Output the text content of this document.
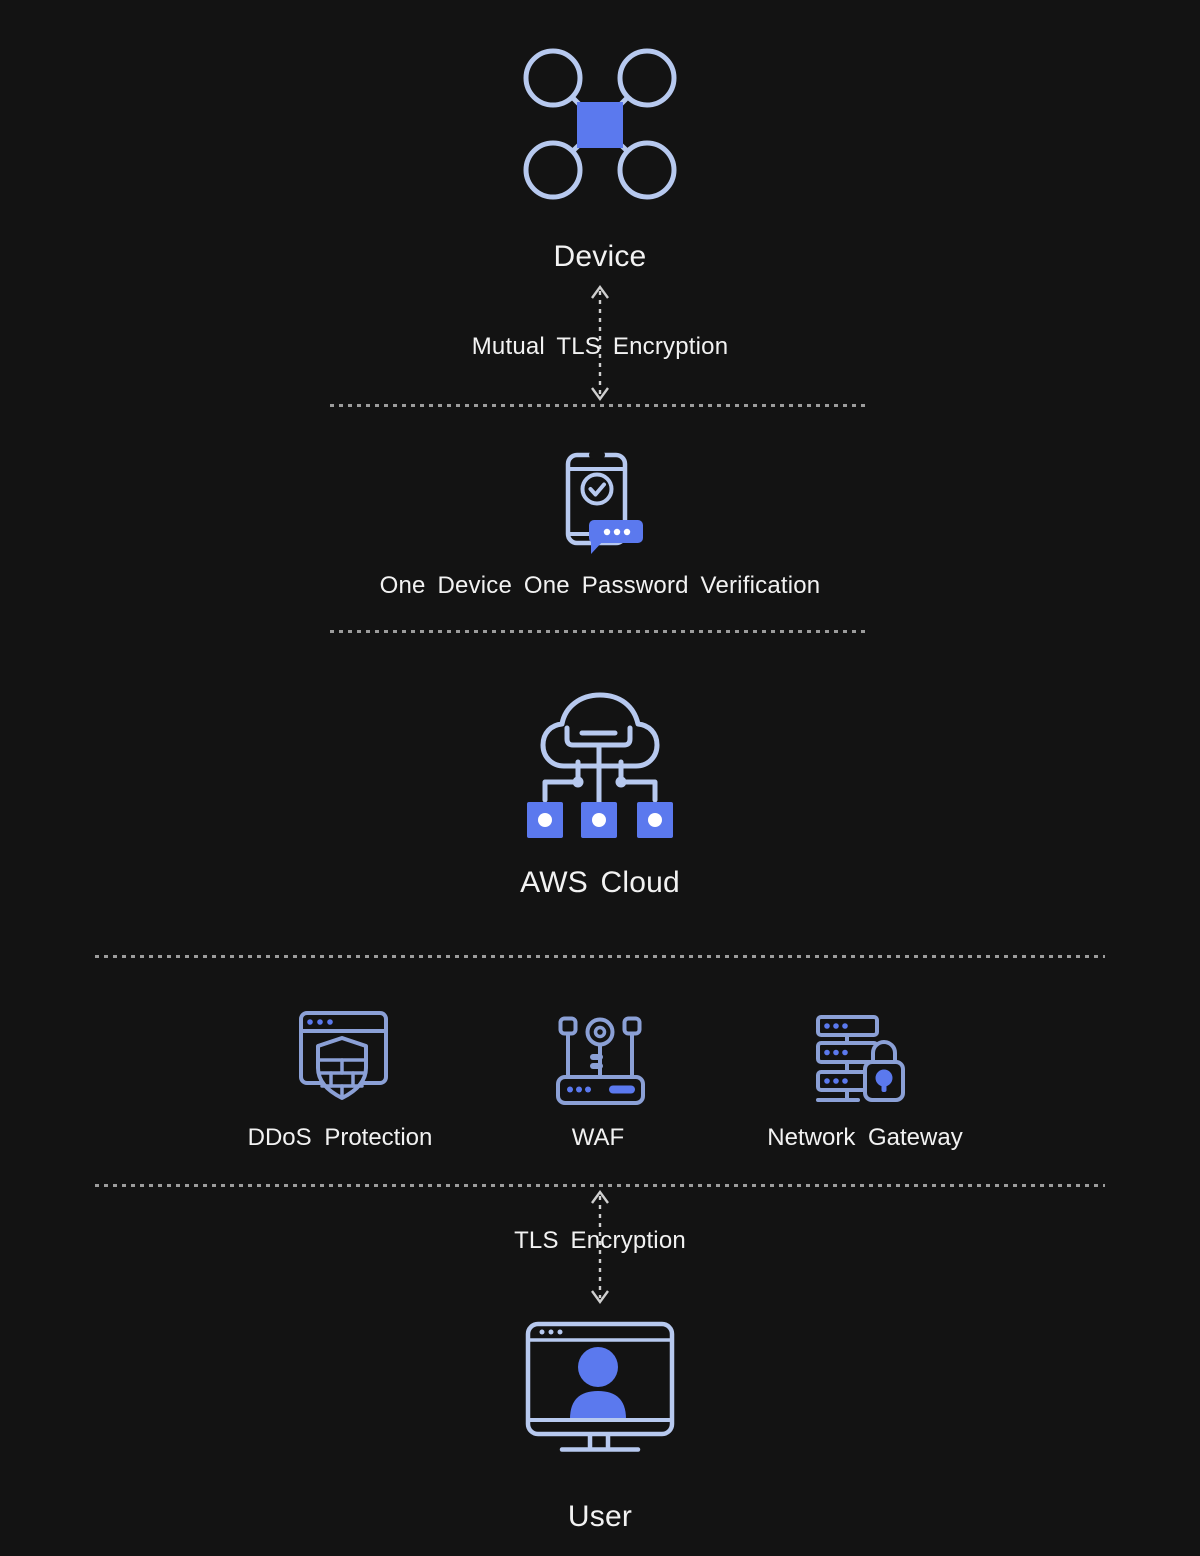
Device
Mutual TLS Encryption
One Device One Password Verification
AWS Cloud
DDoS Protection	WAF	Network Gateway
TLS Encryption
User
